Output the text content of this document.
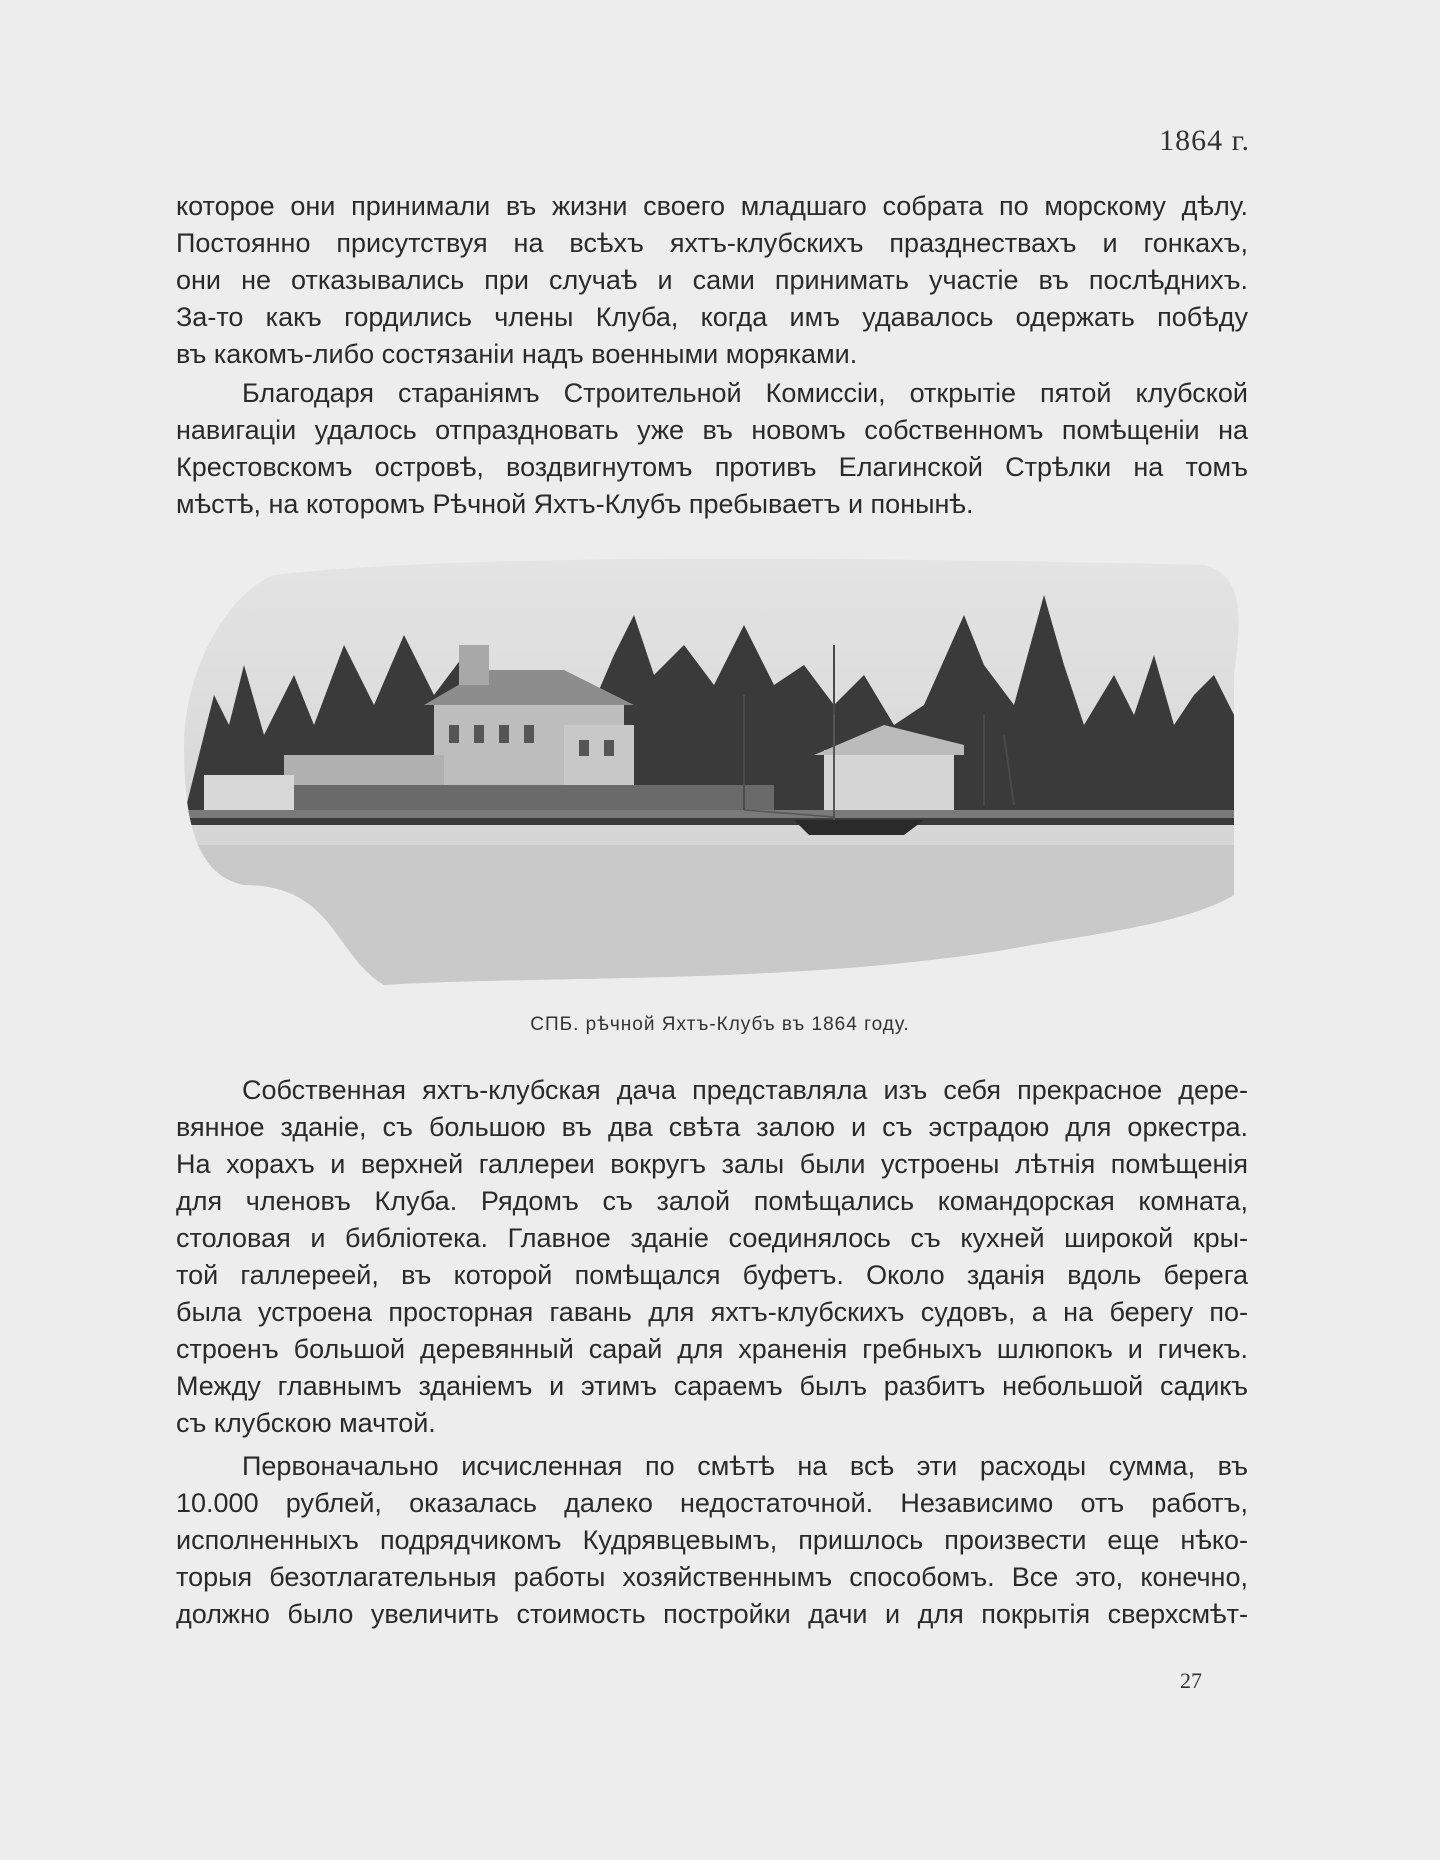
1864 г.
которое они принимали въ жизни своего младшаго собрата по морскому дѣлу.
Постоянно присутствуя на всѣхъ яхтъ-клубскихъ празднествахъ и гонкахъ,
они не отказывались при случаѣ и сами принимать участіе въ послѣднихъ.
За-то какъ гордились члены Клуба, когда имъ удавалось одержать побѣду
въ какомъ-либо состязаніи надъ военными моряками.
Благодаря стараніямъ Строительной Комиссіи, открытіе пятой клубской
навигаціи удалось отпраздновать уже въ новомъ собственномъ помѣщеніи на
Крестовскомъ островѣ, воздвигнутомъ противъ Елагинской Стрѣлки на томъ
мѣстѣ, на которомъ Рѣчной Яхтъ-Клубъ пребываетъ и понынѣ.
СПБ. рѣчной Яхтъ-Клубъ въ 1864 году.
Собственная яхтъ-клубская дача представляла изъ себя прекрасное дере-
вянное зданіе, съ большою въ два свѣта залою и съ эстрадою для оркестра.
На хорахъ и верхней галлереи вокругъ залы были устроены лѣтнія помѣщенія
для членовъ Клуба. Рядомъ съ залой помѣщались командорская комната,
столовая и библіотека. Главное зданіе соединялось съ кухней широкой кры-
той галлереей, въ которой помѣщался буфетъ. Около зданія вдоль берега
была устроена просторная гавань для яхтъ-клубскихъ судовъ, а на берегу по-
строенъ большой деревянный сарай для храненія гребныхъ шлюпокъ и гичекъ.
Между главнымъ зданіемъ и этимъ сараемъ былъ разбитъ небольшой садикъ
съ клубскою мачтой.
Первоначально исчисленная по смѣтѣ на всѣ эти расходы сумма, въ
10.000 рублей, оказалась далеко недостаточной. Независимо отъ работъ,
исполненныхъ подрядчикомъ Кудрявцевымъ, пришлось произвести еще нѣко-
торыя безотлагательныя работы хозяйственнымъ способомъ. Все это, конечно,
должно было увеличить стоимость постройки дачи и для покрытія сверхсмѣт-
27
